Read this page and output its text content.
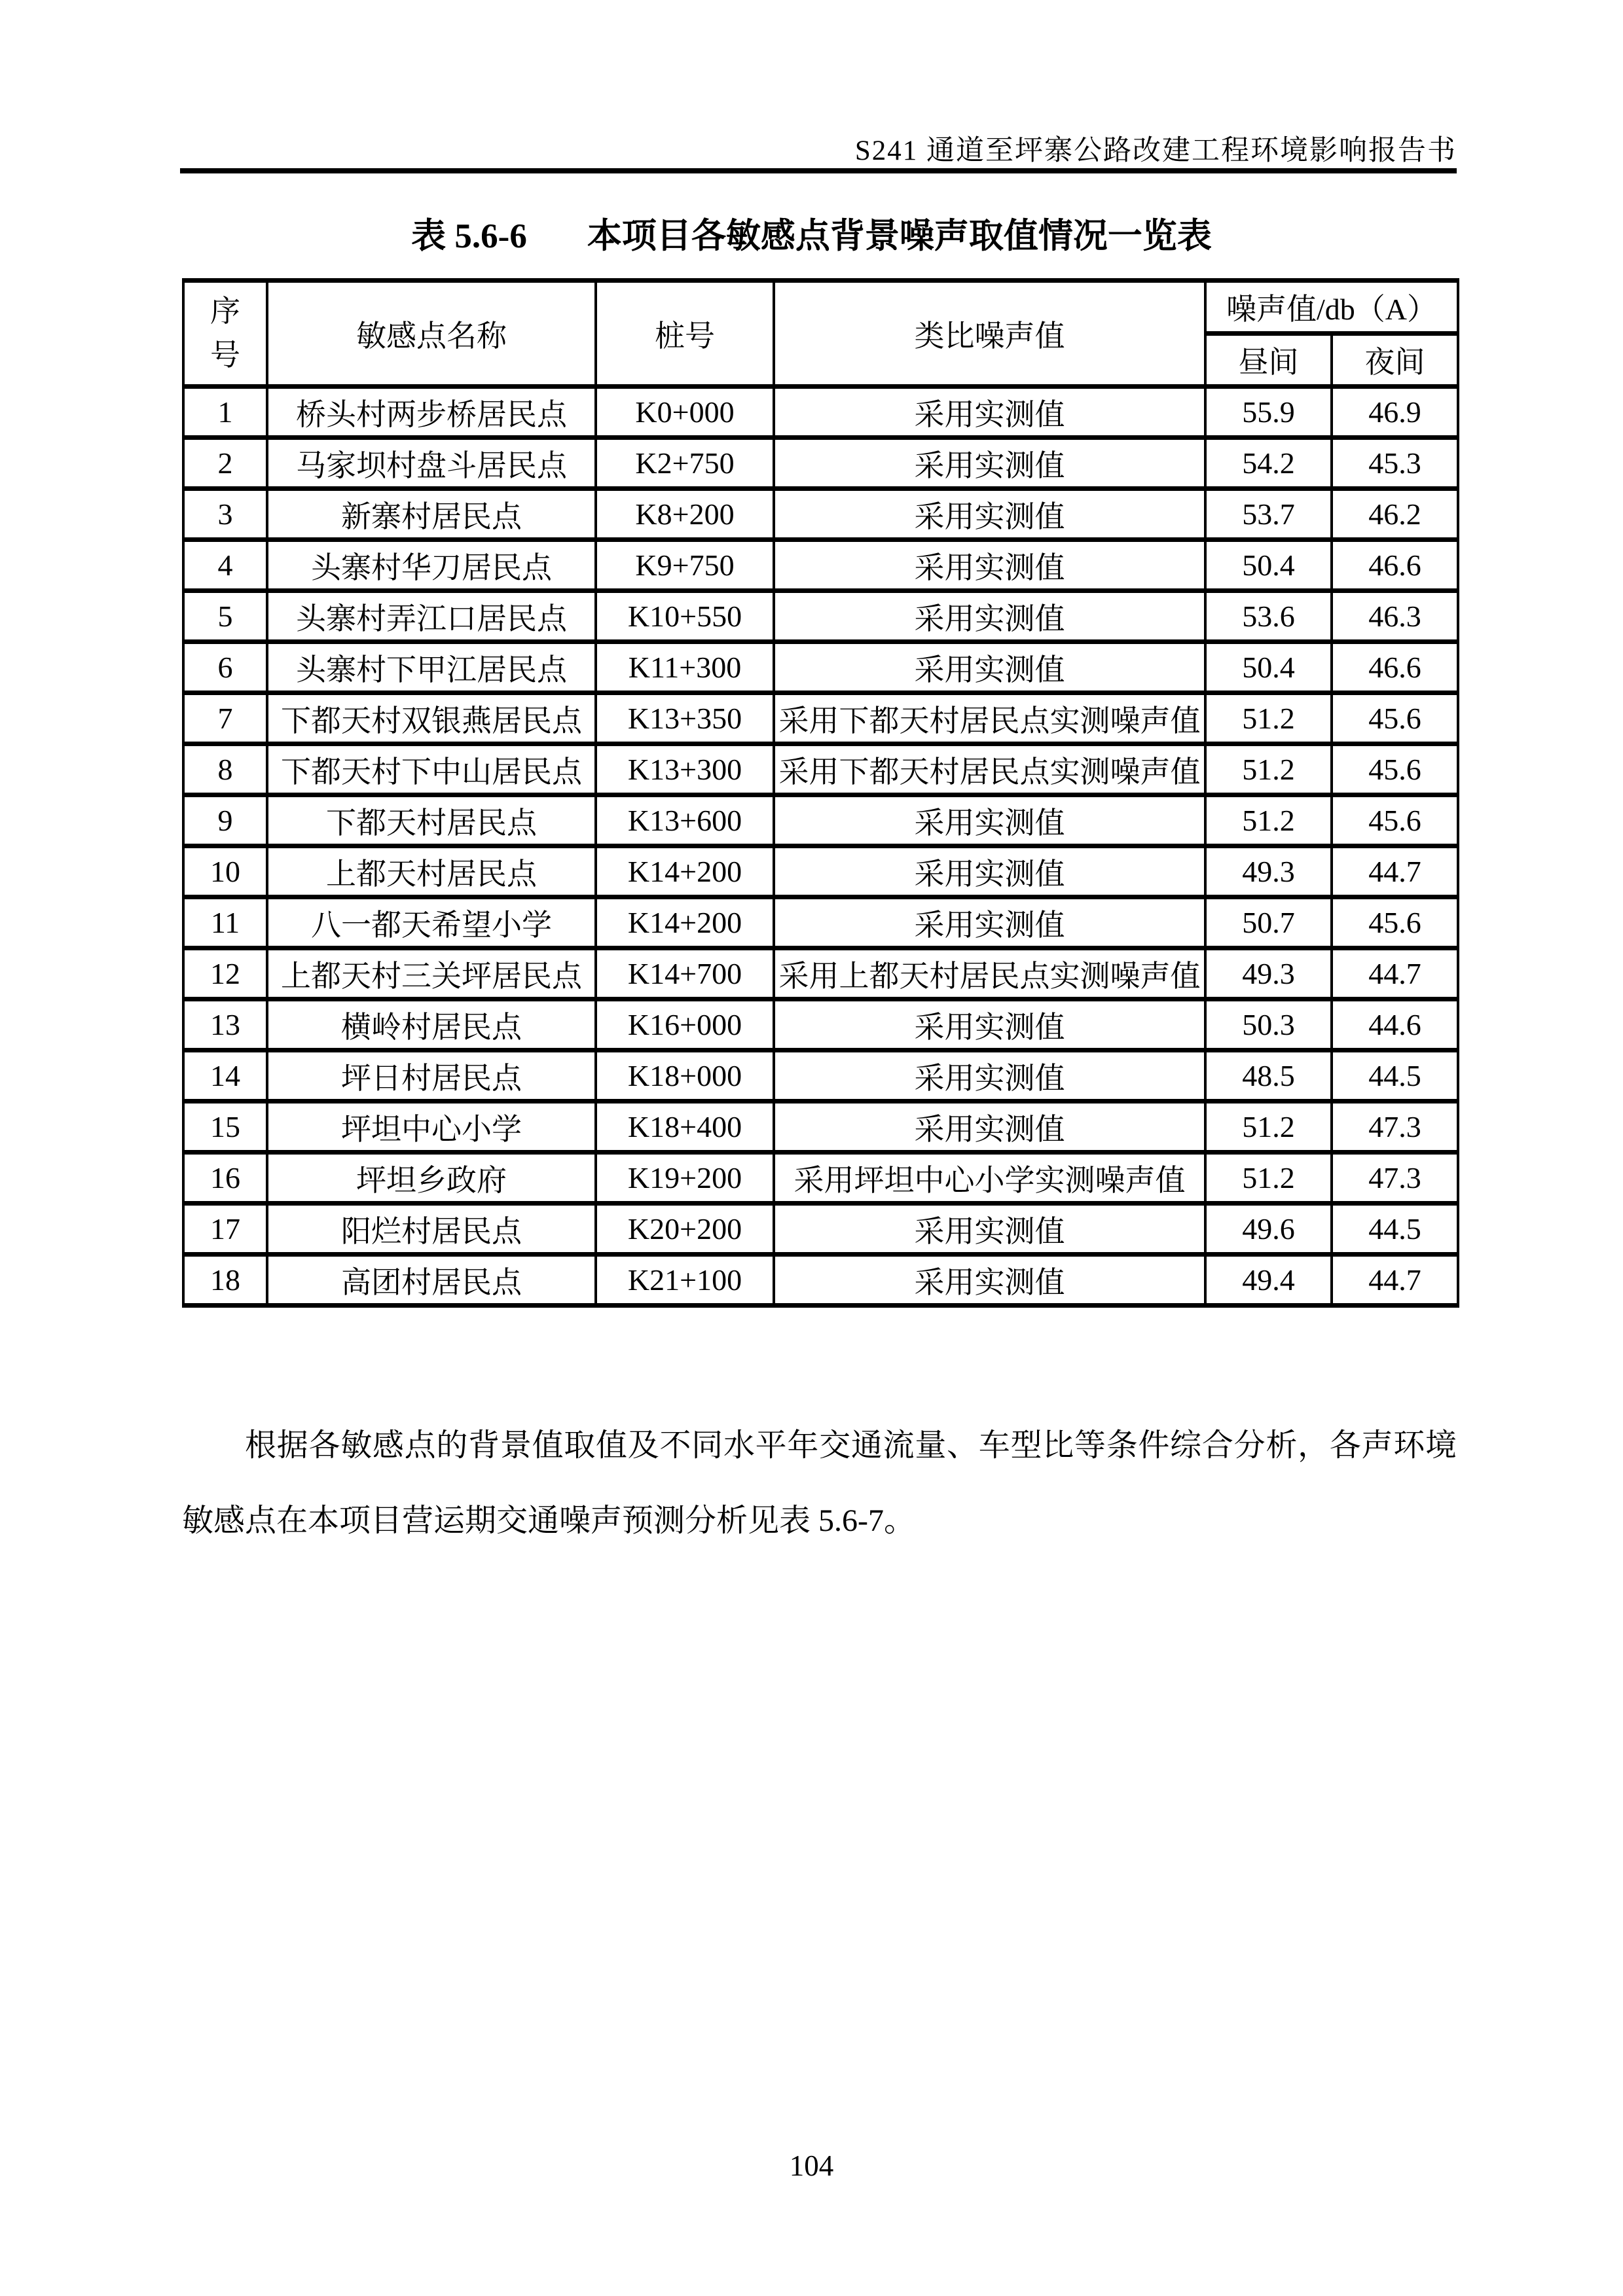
S241 通道至坪寨公路改建工程环境影响报告书
表 5.6-6 本项目各敏感点背景噪声取值情况一览表
序号	敏感点名称	桩号	类比噪声值	噪声值/db（A）	
				昼间	夜间
1	桥头村两步桥居民点	K0+000	采用实测值	55.9	46.9
2	马家坝村盘斗居民点	K2+750	采用实测值	54.2	45.3
3	新寨村居民点	K8+200	采用实测值	53.7	46.2
4	头寨村华刀居民点	K9+750	采用实测值	50.4	46.6
5	头寨村弄江口居民点	K10+550	采用实测值	53.6	46.3
6	头寨村下甲江居民点	K11+300	采用实测值	50.4	46.6
7	下都天村双银燕居民点	K13+350	采用下都天村居民点实测噪声值	51.2	45.6
8	下都天村下中山居民点	K13+300	采用下都天村居民点实测噪声值	51.2	45.6
9	下都天村居民点	K13+600	采用实测值	51.2	45.6
10	上都天村居民点	K14+200	采用实测值	49.3	44.7
11	八一都天希望小学	K14+200	采用实测值	50.7	45.6
12	上都天村三关坪居民点	K14+700	采用上都天村居民点实测噪声值	49.3	44.7
13	横岭村居民点	K16+000	采用实测值	50.3	44.6
14	坪日村居民点	K18+000	采用实测值	48.5	44.5
15	坪坦中心小学	K18+400	采用实测值	51.2	47.3
16	坪坦乡政府	K19+200	采用坪坦中心小学实测噪声值	51.2	47.3
17	阳烂村居民点	K20+200	采用实测值	49.6	44.5
18	高团村居民点	K21+100	采用实测值	49.4	44.7

根据各敏感点的背景值取值及不同水平年交通流量、车型比等条件综合分析，各声环境敏感点在本项目营运期交通噪声预测分析见表 5.6-7。

104
